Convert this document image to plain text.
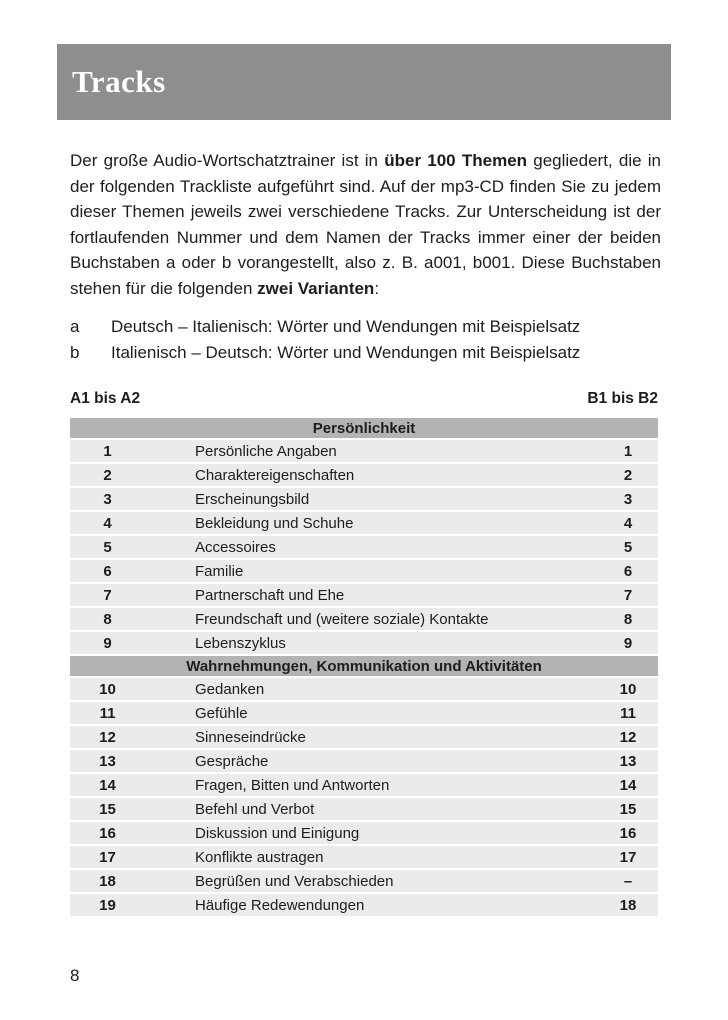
Tracks

Der große Audio-Wortschatztrainer ist in über 100 Themen gegliedert, die in der folgenden Trackliste aufgeführt sind. Auf der mp3-CD finden Sie zu jedem dieser Themen jeweils zwei verschiedene Tracks. Zur Unterscheidung ist der fortlaufenden Nummer und dem Namen der Tracks immer einer der beiden Buchstaben a oder b vorangestellt, also z. B. a001, b001. Diese Buchstaben stehen für die folgenden zwei Varianten:

a	Deutsch – Italienisch: Wörter und Wendungen mit Beispielsatz
b	Italienisch – Deutsch: Wörter und Wendungen mit Beispielsatz
A1 bis A2	B1 bis B2
Persönlichkeit
1	Persönliche Angaben	1
2	Charaktereigenschaften	2
3	Erscheinungsbild	3
4	Bekleidung und Schuhe	4
5	Accessoires	5
6	Familie	6
7	Partnerschaft und Ehe	7
8	Freundschaft und (weitere soziale) Kontakte	8
9	Lebenszyklus	9
Wahrnehmungen, Kommunikation und Aktivitäten
10	Gedanken	10
11	Gefühle	11
12	Sinneseindrücke	12
13	Gespräche	13
14	Fragen, Bitten und Antworten	14
15	Befehl und Verbot	15
16	Diskussion und Einigung	16
17	Konflikte austragen	17
18	Begrüßen und Verabschieden	–
19	Häufige Redewendungen	18
8
